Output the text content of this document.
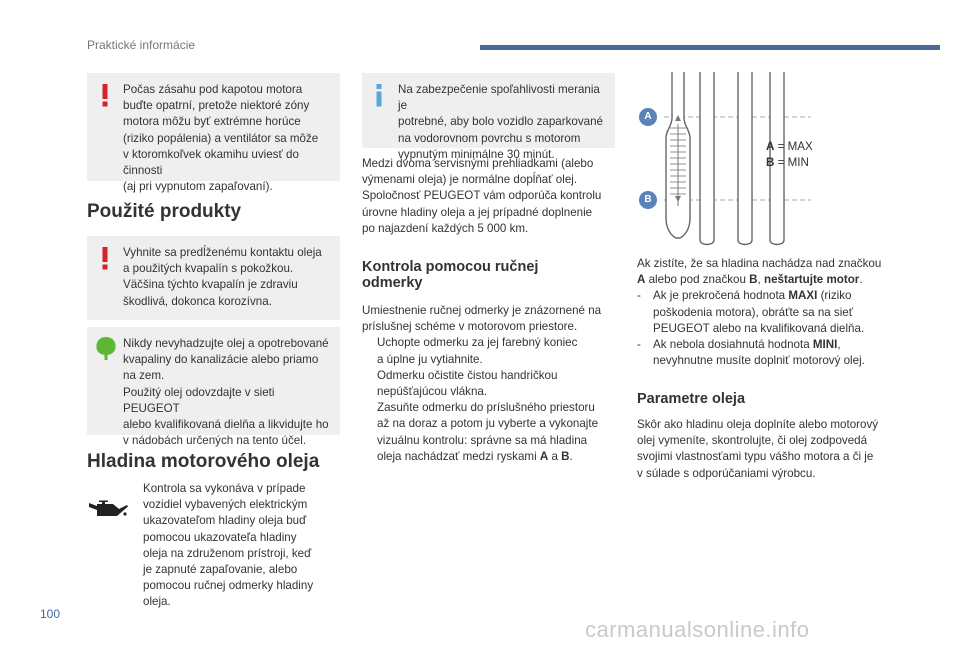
Praktické informácie
Počas zásahu pod kapotou motora
buďte opatrní, pretože niektoré zóny
motora môžu byť extrémne horúce
(riziko popálenia) a ventilátor sa môže
v ktoromkoľvek okamihu uviesť do činnosti
(aj pri vypnutom zapaľovaní).
Použité produkty
Vyhnite sa predĺženému kontaktu oleja
a použitých kvapalín s pokožkou.
Väčšina týchto kvapalín je zdraviu
škodlivá, dokonca korozívna.
Nikdy nevyhadzujte olej a opotrebované
kvapaliny do kanalizácie alebo priamo
na zem.
Použitý olej odovzdajte v sieti PEUGEOT
alebo kvalifikovaná dielňa a likvidujte ho
v nádobách určených na tento účel.
Hladina motorového oleja
Kontrola sa vykonáva v prípade
vozidiel vybavených elektrickým
ukazovateľom hladiny oleja buď
pomocou ukazovateľa hladiny
oleja na združenom prístroji, keď
je zapnuté zapaľovanie, alebo
pomocou ručnej odmerky hladiny
oleja.
Na zabezpečenie spoľahlivosti merania je
potrebné, aby bolo vozidlo zaparkované
na vodorovnom povrchu s motorom
vypnutým minimálne 30 minút.
Medzi dvoma servisnými prehliadkami (alebo
výmenami oleja) je normálne dopĺňať olej.
Spoločnosť PEUGEOT vám odporúča kontrolu
úrovne hladiny oleja a jej prípadné doplnenie
po najazdení každých 5 000 km.
Kontrola pomocou ručnej
odmerky
Umiestnenie ručnej odmerky je znázornené na
príslušnej schéme v motorovom priestore.
Uchopte odmerku za jej farebný koniec
a úplne ju vytiahnite.
Odmerku očistite čistou handričkou
nepúšťajúcou vlákna.
Zasuňte odmerku do príslušného priestoru
až na doraz a potom ju vyberte a vykonajte
vizuálnu kontrolu: správne sa má hladina
oleja nachádzať medzi ryskami A a B.
A
B
A = MAX
B = MIN
Ak zistíte, že sa hladina nachádza nad značkou
A alebo pod značkou B, neštartujte motor.
- Ak je prekročená hodnota MAXI (riziko
poškodenia motora), obráťte sa na sieť
PEUGEOT alebo na kvalifikovaná dielňa.
- Ak nebola dosiahnutá hodnota MINI,
nevyhnutne musíte doplniť motorový olej.
Parametre oleja
Skôr ako hladinu oleja doplníte alebo motorový
olej vymeníte, skontrolujte, či olej zodpovedá
svojimi vlastnosťami typu vášho motora a či je
v súlade s odporúčaniami výrobcu.
100
carmanualsonline.info
